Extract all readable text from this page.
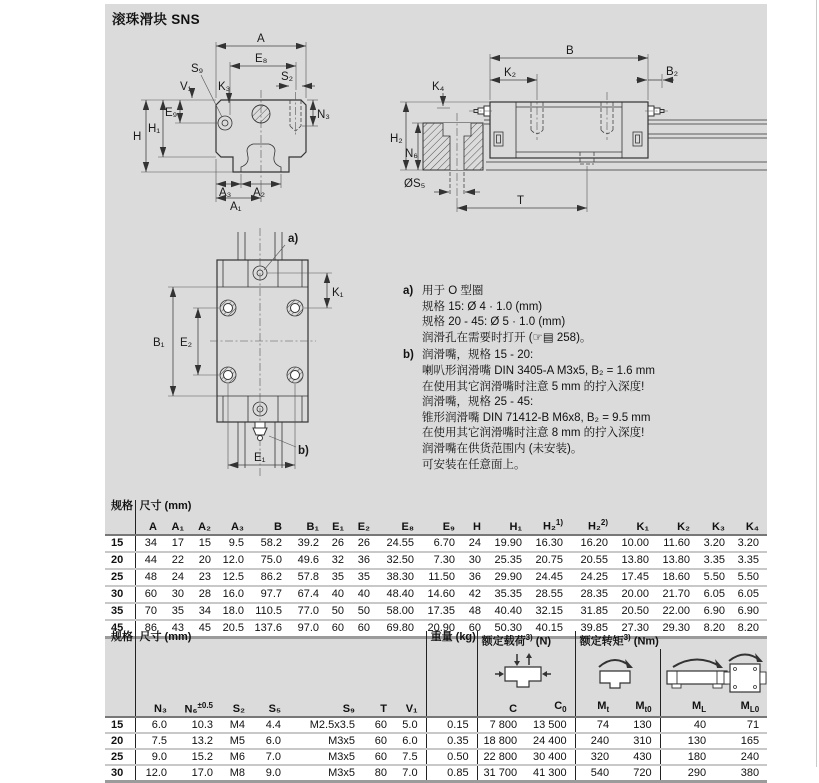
滚珠滑块 SNS
A
E₈
S₉
V₁ K₃
S₂
N₃
E₉
H₁
H
A₃ A₂
A₁
B
K₂	B₂
K₄
H₂
N₆
ØS₅
T
a)
b)
K₁
B₁ E₂
E₁
a) 用于 O 型圈
规格 15: Ø 4 · 1.0 (mm)
规格 20 - 45: Ø 5 · 1.0 (mm)
润滑孔在需要时打开 (☞▤ 258)。
b) 润滑嘴，规格 15 - 20:
喇叭形润滑嘴 DIN 3405-A M3x5, B₂ = 1.6 mm
在使用其它润滑嘴时注意 5 mm 的拧入深度!
润滑嘴，规格 25 - 45:
锥形润滑嘴 DIN 71412-B M6x8, B₂ = 9.5 mm
在使用其它润滑嘴时注意 8 mm 的拧入深度!
润滑嘴在供货范围内 (未安装)。
可安装在任意面上。
规格	尺寸 (mm)																	
	A	A₁	A₂	A₃	B	B₁	E₁	E₂	E₈	E₉	H	H₁	H₂$^{1)}$	H₂$^{2)}$	K₁	K₂	K₃	K₄
15	34	17	15	9.5	58.2	39.2	26	26	24.55	6.70	24	19.90	16.30	16.20	10.00	11.60	3.20	3.20
20	44	22	20	12.0	75.0	49.6	32	36	32.50	7.30	30	25.35	20.75	20.55	13.80	13.80	3.35	3.35
25	48	24	23	12.5	86.2	57.8	35	35	38.30	11.50	36	29.90	24.45	24.25	17.45	18.60	5.50	5.50
30	60	30	28	16.0	97.7	67.4	40	40	48.40	14.60	42	35.35	28.55	28.35	20.00	21.70	6.05	6.05
35	70	35	34	18.0	110.5	77.0	50	50	58.00	17.35	48	40.40	32.15	31.85	20.50	22.00	6.90	6.90
45	86	43	45	20.5	137.6	97.0	60	60	69.80	20.90	60	50.30	40.15	39.85	27.30	29.30	8.20	8.20
规格	尺寸 (mm)							重量 (kg)	额定载荷$^{3)}$ (N)		额定转矩$^{3)}$ (Nm)			

	N₃	N₆$^{\pm 0.5}$	S₂	S₅	S₉	T	V₁		C	$C_0$	$M_t$	$M_{t0}$	$M_L$	$M_{L0}$
15	6.0	10.3	M4	4.4	M2.5x3.5	60	5.0	0.15	7 800	13 500	74	130	40	71
20	7.5	13.2	M5	6.0	M3x5	60	6.0	0.35	18 800	24 400	240	310	130	165
25	9.0	15.2	M6	7.0	M3x5	60	7.5	0.50	22 800	30 400	320	430	180	240
30	12.0	17.0	M8	9.0	M3x5	80	7.0	0.85	31 700	41 300	540	720	290	380
